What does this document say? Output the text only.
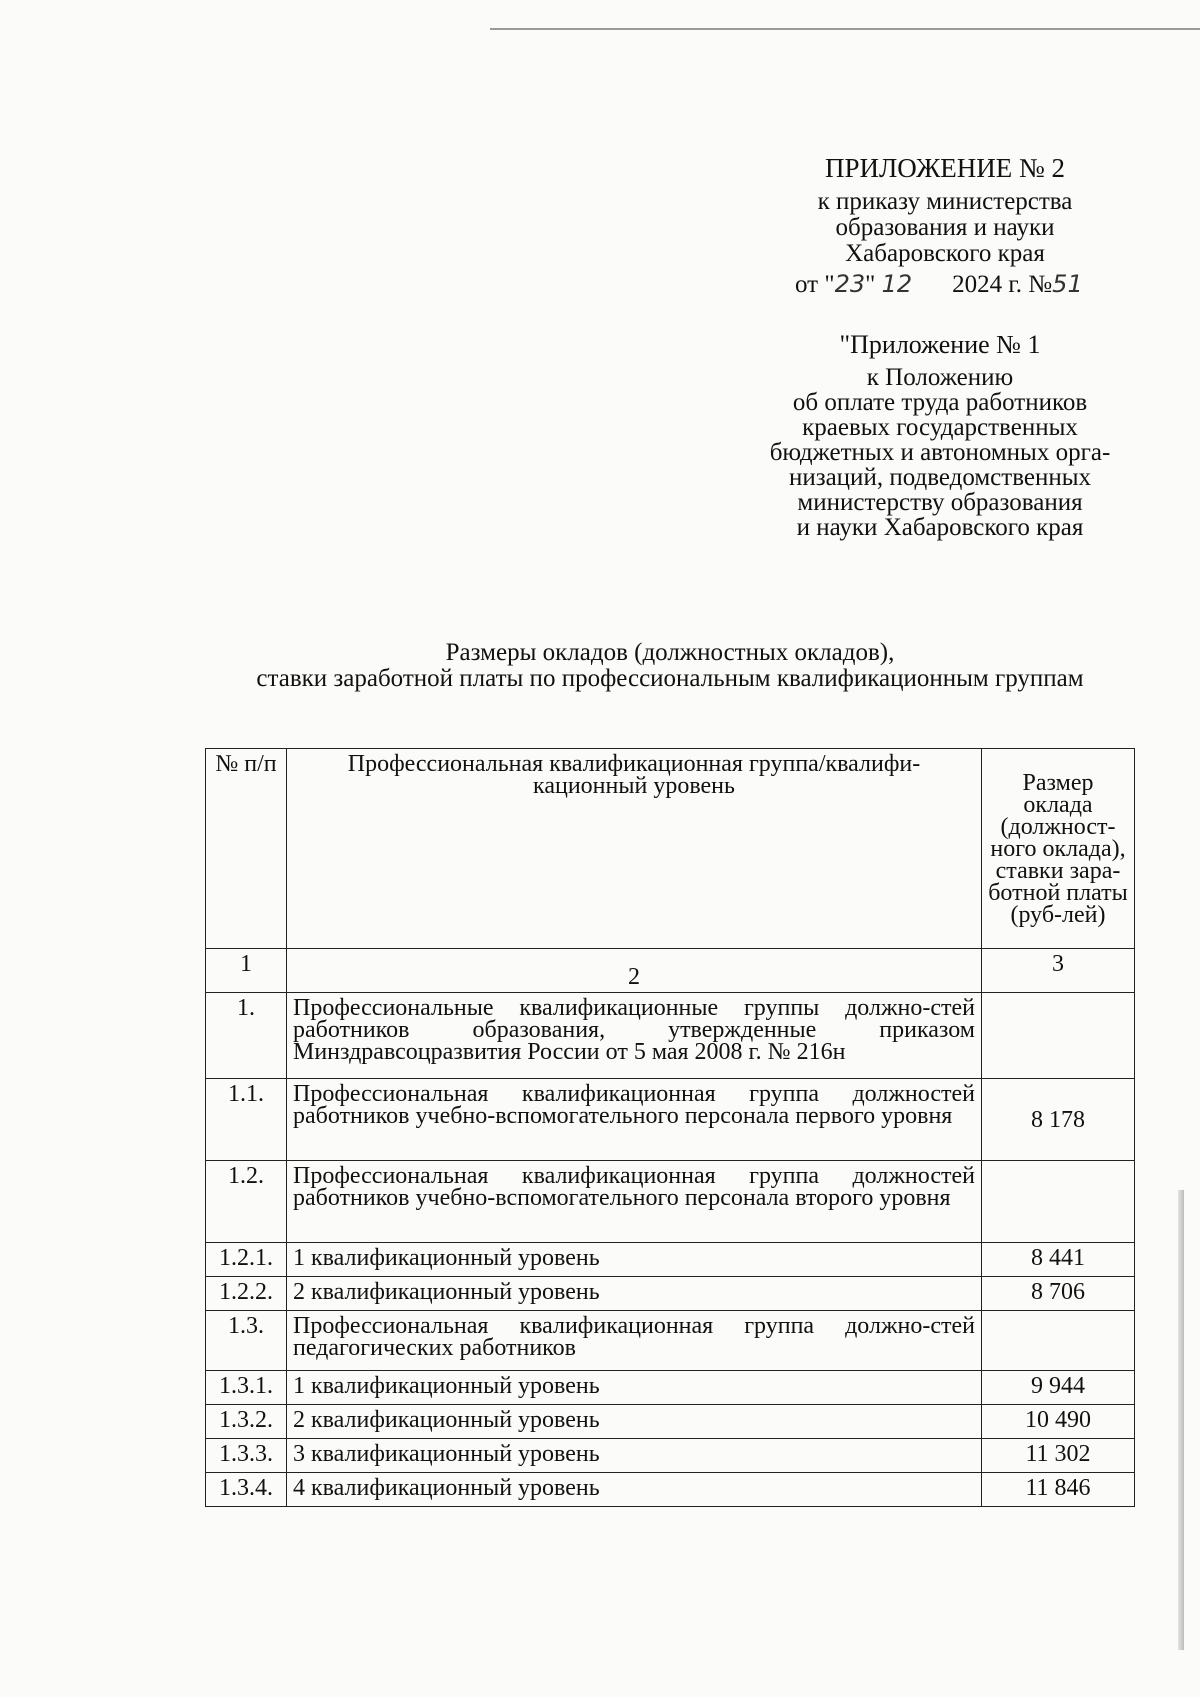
ПРИЛОЖЕНИЕ № 2
к приказу министерства
образования и науки
Хабаровского края
от "23" 12 2024 г. №51
"Приложение № 1
к Положению
об оплате труда работников
краевых государственных
бюджетных и автономных орга-
низаций, подведомственных
министерству образования
и науки Хабаровского края
Размеры окладов (должностных окладов),
ставки заработной платы по профессиональным квалификационным группам
№ п/п	Профессиональная квалификационная группа/квалифи-кационный уровень	Размер оклада (должност-ного оклада), ставки зара-ботной платы (руб-лей)
1	2	3
1.	Профессиональные квалификационные группы должно-стей работников образования, утвержденные приказом Минздравсоцразвития России от 5 мая 2008 г. № 216н	
1.1.	Профессиональная квалификационная группа должностей работников учебно-вспомогательного персонала первого уровня	8 178
1.2.	Профессиональная квалификационная группа должностей работников учебно-вспомогательного персонала второго уровня	
1.2.1.	1 квалификационный уровень	8 441
1.2.2.	2 квалификационный уровень	8 706
1.3.	Профессиональная квалификационная группа должно-стей педагогических работников	
1.3.1.	1 квалификационный уровень	9 944
1.3.2.	2 квалификационный уровень	10 490
1.3.3.	3 квалификационный уровень	11 302
1.3.4.	4 квалификационный уровень	11 846
